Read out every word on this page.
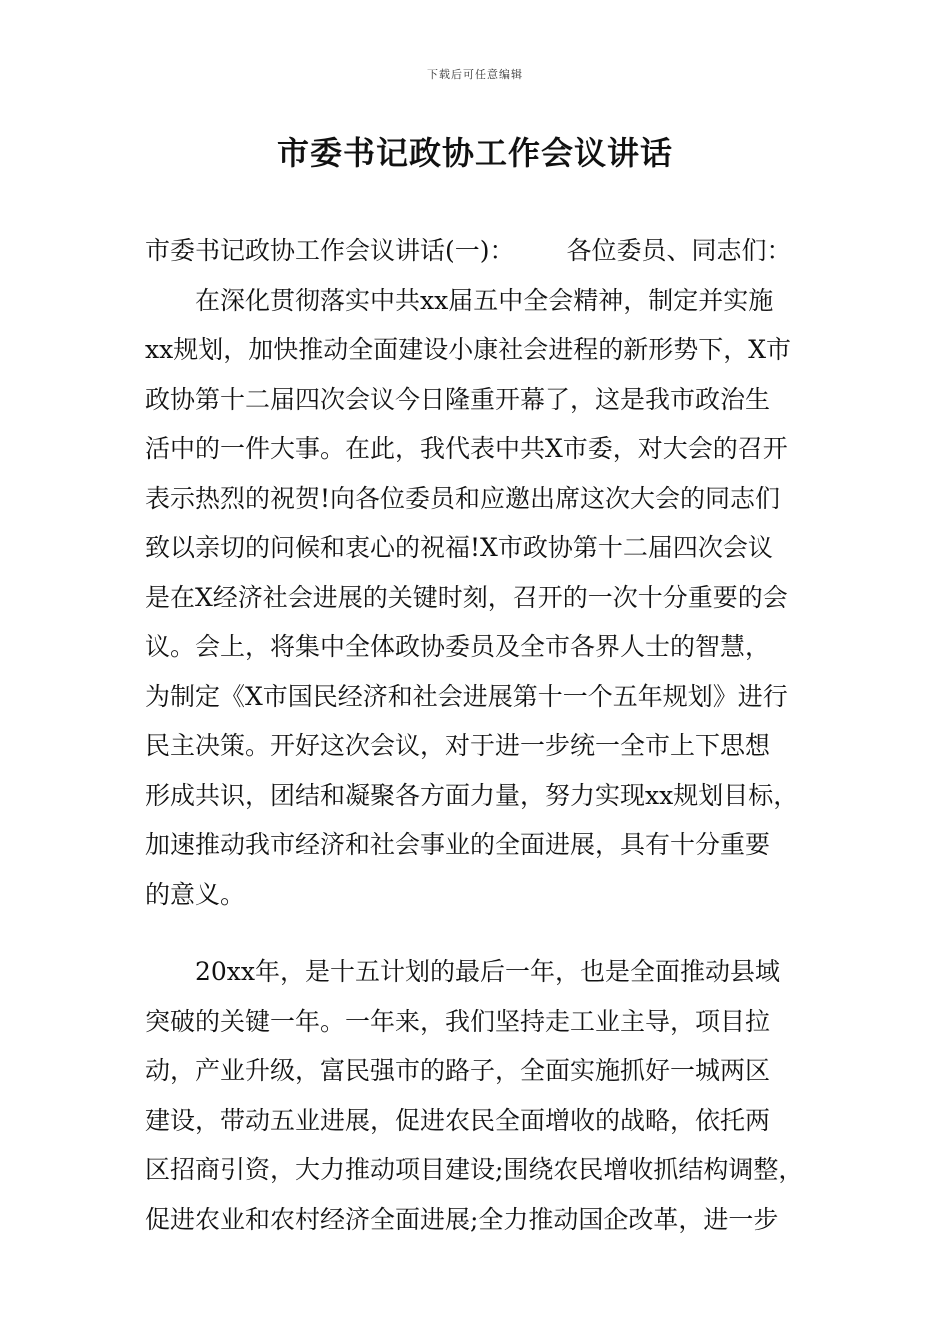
下载后可任意编辑
市委书记政协工作会议讲话
市委书记政协工作会议讲话(一)： 各位委员、同志们：
在深化贯彻落实中共xx届五中全会精神，制定并实施
xx规划，加快推动全面建设小康社会进程的新形势下，X市
政协第十二届四次会议今日隆重开幕了，这是我市政治生
活中的一件大事。在此，我代表中共X市委，对大会的召开
表示热烈的祝贺!向各位委员和应邀出席这次大会的同志们
致以亲切的问候和衷心的祝福!X市政协第十二届四次会议
是在X经济社会进展的关键时刻，召开的一次十分重要的会
议。会上，将集中全体政协委员及全市各界人士的智慧，
为制定《X市国民经济和社会进展第十一个五年规划》进行
民主决策。开好这次会议，对于进一步统一全市上下思想
形成共识，团结和凝聚各方面力量，努力实现xx规划目标，
加速推动我市经济和社会事业的全面进展，具有十分重要
的意义。
20xx年，是十五计划的最后一年，也是全面推动县域
突破的关键一年。一年来，我们坚持走工业主导，项目拉
动，产业升级，富民强市的路子，全面实施抓好一城两区
建设，带动五业进展，促进农民全面增收的战略，依托两
区招商引资，大力推动项目建设;围绕农民增收抓结构调整，
促进农业和农村经济全面进展;全力推动国企改革，进一步
